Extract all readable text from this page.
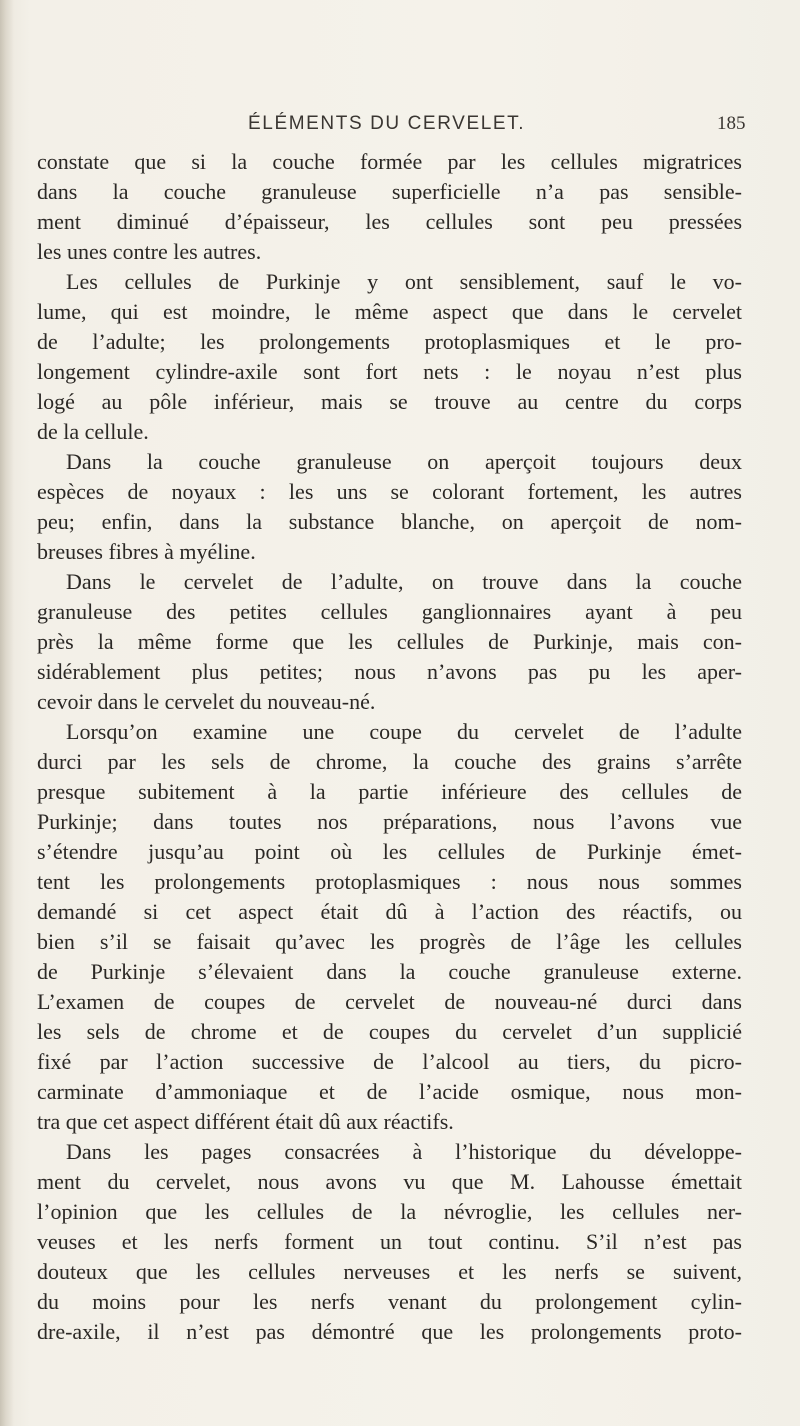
ÉLÉMENTS DU CERVELET.	185
constate que si la couche formée par les cellules migratrices
dans la couche granuleuse superficielle n’a pas sensible-
ment diminué d’épaisseur, les cellules sont peu pressées
les unes contre les autres.
Les cellules de Purkinje y ont sensiblement, sauf le vo-
lume, qui est moindre, le même aspect que dans le cervelet
de l’adulte; les prolongements protoplasmiques et le pro-
longement cylindre-axile sont fort nets : le noyau n’est plus
logé au pôle inférieur, mais se trouve au centre du corps
de la cellule.
Dans la couche granuleuse on aperçoit toujours deux
espèces de noyaux : les uns se colorant fortement, les autres
peu; enfin, dans la substance blanche, on aperçoit de nom-
breuses fibres à myéline.
Dans le cervelet de l’adulte, on trouve dans la couche
granuleuse des petites cellules ganglionnaires ayant à peu
près la même forme que les cellules de Purkinje, mais con-
sidérablement plus petites; nous n’avons pas pu les aper-
cevoir dans le cervelet du nouveau-né.
Lorsqu’on examine une coupe du cervelet de l’adulte
durci par les sels de chrome, la couche des grains s’arrête
presque subitement à la partie inférieure des cellules de
Purkinje; dans toutes nos préparations, nous l’avons vue
s’étendre jusqu’au point où les cellules de Purkinje émet-
tent les prolongements protoplasmiques : nous nous sommes
demandé si cet aspect était dû à l’action des réactifs, ou
bien s’il se faisait qu’avec les progrès de l’âge les cellules
de Purkinje s’élevaient dans la couche granuleuse externe.
L’examen de coupes de cervelet de nouveau-né durci dans
les sels de chrome et de coupes du cervelet d’un supplicié
fixé par l’action successive de l’alcool au tiers, du picro-
carminate d’ammoniaque et de l’acide osmique, nous mon-
tra que cet aspect différent était dû aux réactifs.
Dans les pages consacrées à l’historique du développe-
ment du cervelet, nous avons vu que M. Lahousse émettait
l’opinion que les cellules de la névroglie, les cellules ner-
veuses et les nerfs forment un tout continu. S’il n’est pas
douteux que les cellules nerveuses et les nerfs se suivent,
du moins pour les nerfs venant du prolongement cylin-
dre-axile, il n’est pas démontré que les prolongements proto-
